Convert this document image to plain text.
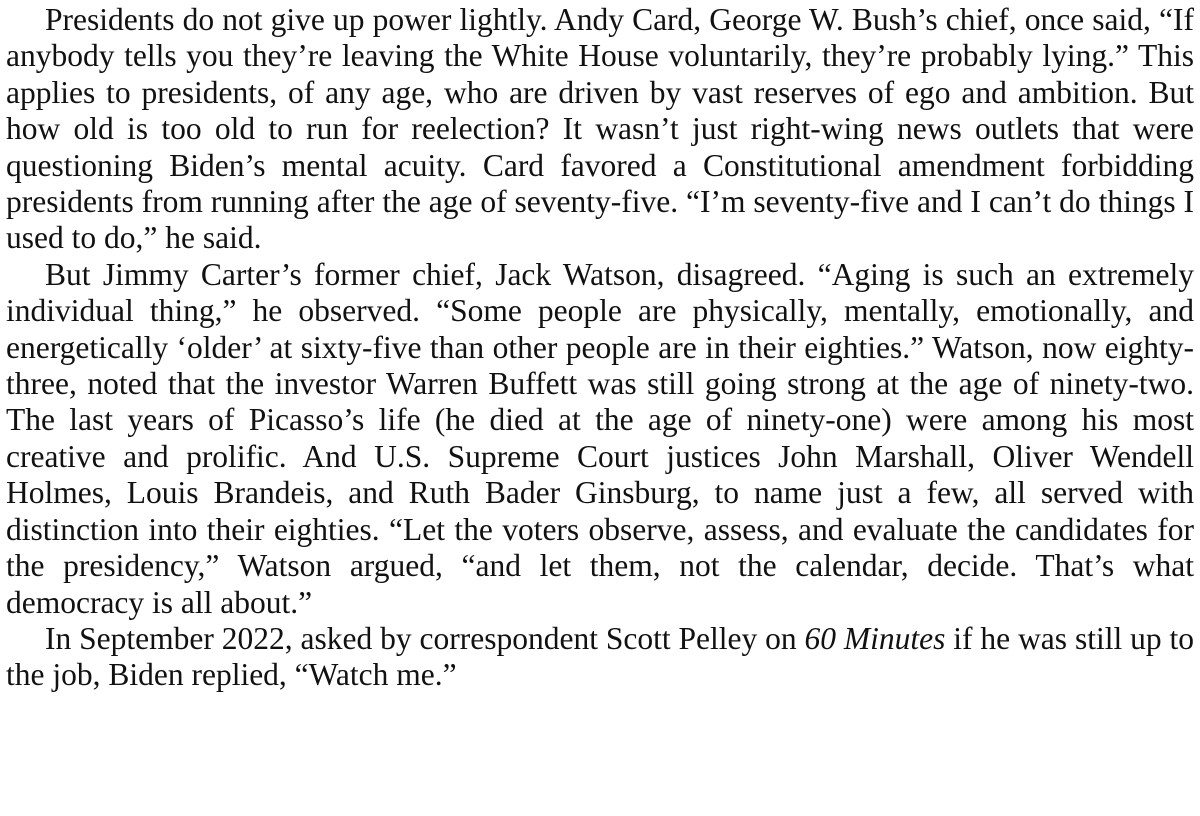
Presidents do not give up power lightly. Andy Card, George W. Bush’s chief, once said, “If anybody tells you they’re leaving the White House voluntarily, they’re probably lying.” This applies to presidents, of any age, who are driven by vast reserves of ego and ambition. But how old is too old to run for reelection? It wasn’t just right-wing news outlets that were questioning Biden’s mental acuity. Card favored a Constitutional amendment forbidding presidents from running after the age of seventy-five. “I’m seventy-five and I can’t do things I used to do,” he said.

But Jimmy Carter’s former chief, Jack Watson, disagreed. “Aging is such an extremely individual thing,” he observed. “Some people are physically, mentally, emotionally, and energetically ‘older’ at sixty-five than other people are in their eighties.” Watson, now eighty-three, noted that the investor Warren Buffett was still going strong at the age of ninety-two. The last years of Picasso’s life (he died at the age of ninety-one) were among his most creative and prolific. And U.S. Supreme Court justices John Marshall, Oliver Wendell Holmes, Louis Brandeis, and Ruth Bader Ginsburg, to name just a few, all served with distinction into their eighties. “Let the voters observe, assess, and evaluate the candidates for the presidency,” Watson argued, “and let them, not the calendar, decide. That’s what democracy is all about.”

In September 2022, asked by correspondent Scott Pelley on 60 Minutes if he was still up to the job, Biden replied, “Watch me.”
